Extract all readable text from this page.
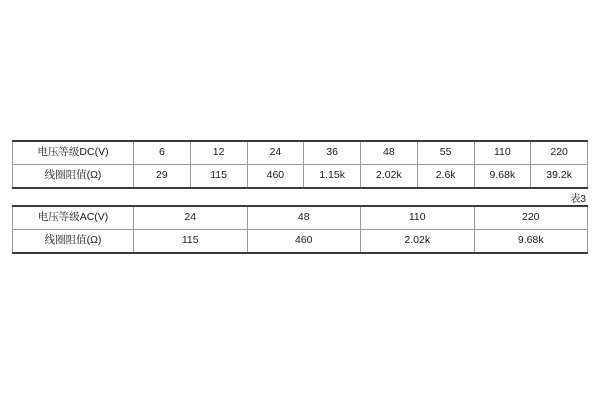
电压等级DC(V)	6	12	24	36	48	55	110	220
线圈阻值(Ω)	29	115	460	1.15k	2.02k	2.6k	9.68k	39.2k
表3
电压等级AC(V)	24	48	110	220
线圈阻值(Ω)	115	460	2.02k	9.68k
